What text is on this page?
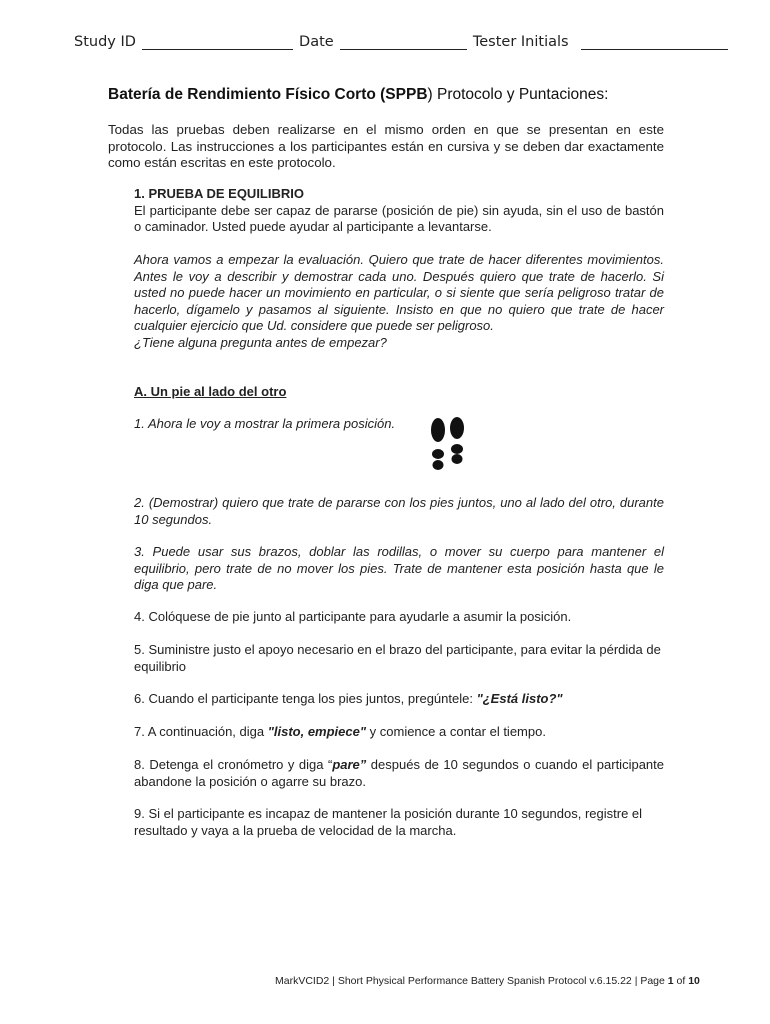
Study ID	Date	Tester Initials
Batería de Rendimiento Físico Corto (SPPB) Protocolo y Puntaciones:
Todas las pruebas deben realizarse en el mismo orden en que se presentan en este protocolo. Las instrucciones a los participantes están en cursiva y se deben dar exactamente como están escritas en este protocolo.
1. PRUEBA DE EQUILIBRIO
El participante debe ser capaz de pararse (posición de pie) sin ayuda, sin el uso de bastón o caminador. Usted puede ayudar al participante a levantarse.
Ahora vamos a empezar la evaluación. Quiero que trate de hacer diferentes movimientos. Antes le voy a describir y demostrar cada uno. Después quiero que trate de hacerlo. Si usted no puede hacer un movimiento en particular, o si siente que sería peligroso tratar de hacerlo, dígamelo y pasamos al siguiente. Insisto en que no quiero que trate de hacer cualquier ejercicio que Ud. considere que puede ser peligroso.
¿Tiene alguna pregunta antes de empezar?
A. Un pie al lado del otro
1. Ahora le voy a mostrar la primera posición.
2. (Demostrar) quiero que trate de pararse con los pies juntos, uno al lado del otro, durante 10 segundos.
3. Puede usar sus brazos, doblar las rodillas, o mover su cuerpo para mantener el equilibrio, pero trate de no mover los pies. Trate de mantener esta posición hasta que le diga que pare.
4. Colóquese de pie junto al participante para ayudarle a asumir la posición.
5. Suministre justo el apoyo necesario en el brazo del participante, para evitar la pérdida de equilibrio
6. Cuando el participante tenga los pies juntos, pregúntele: "¿Está listo?"
7. A continuación, diga "listo, empiece" y comience a contar el tiempo.
8. Detenga el cronómetro y diga “pare” después de 10 segundos o cuando el participante abandone la posición o agarre su brazo.
9. Si el participante es incapaz de mantener la posición durante 10 segundos, registre el resultado y vaya a la prueba de velocidad de la marcha.
MarkVCID2 | Short Physical Performance Battery Spanish Protocol v.6.15.22 | Page 1 of 10
